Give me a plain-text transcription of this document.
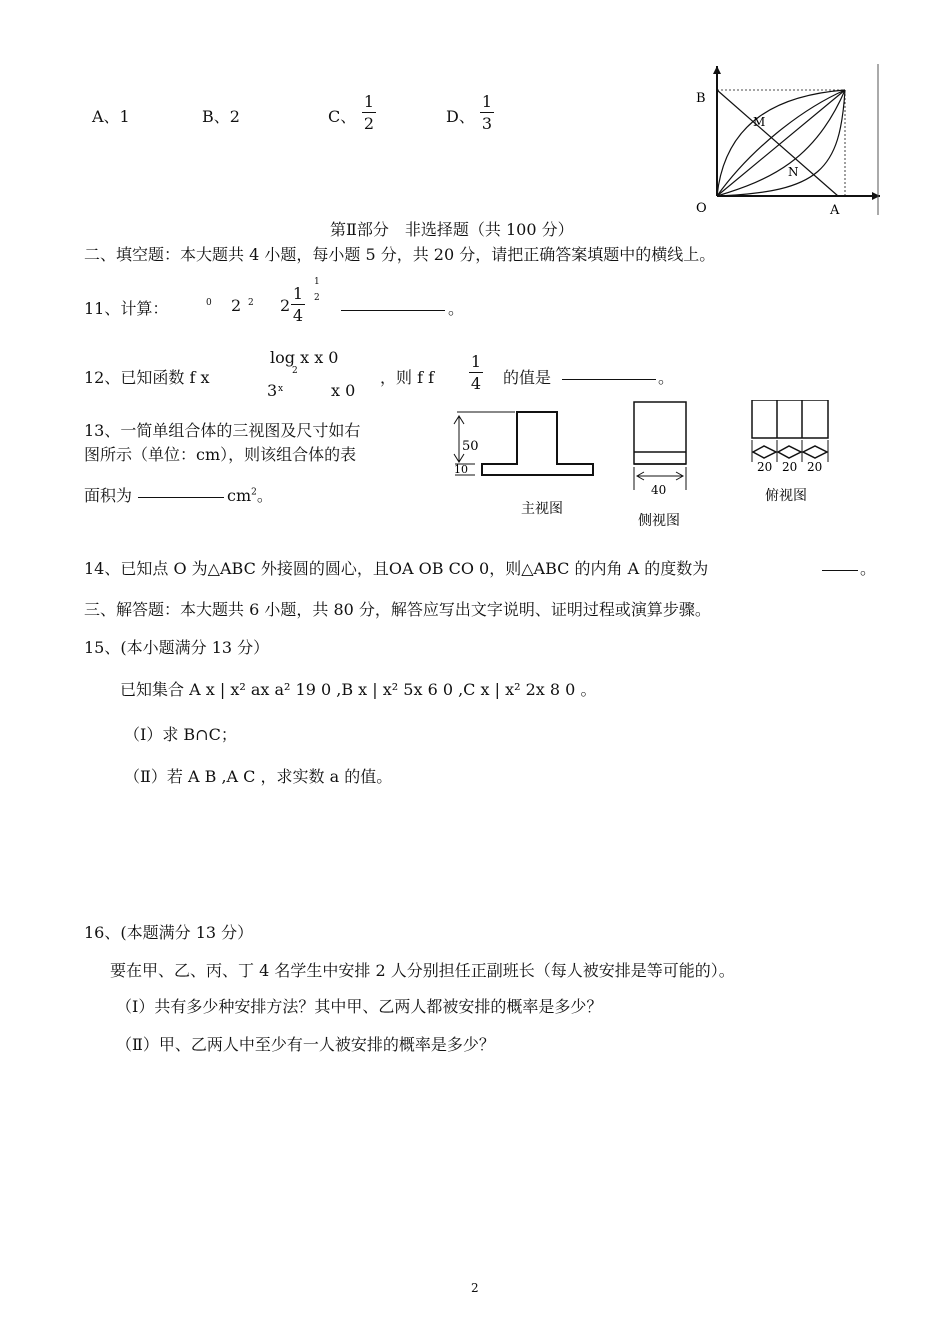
A、1	B、2	C、
1
2	D、
1
3
B
O	A
M
N
第Ⅱ部分　非选择题（共 100 分）
二、填空题：本大题共 4 小题，每小题 5 分，共 20 分，请把正确答案填题中的横线上。
11、计算：	0 2 2 2
1
4
1
2
。
12、已知函数 f x
log x x 0
2
3 x	x 0
，则 f f
1
4 的值是	。
13、一简单组合体的三视图及尺寸如右
图所示（单位：cm），则该组合体的表
面积为	$cm^2$。
50
10
40
20 20 20
主视图
侧视图
俯视图
14、已知点 O 为△ABC 外接圆的圆心，且OA OB CO 0，则△ABC 的内角 A 的度数为	。
三、解答题：本大题共 6 小题，共 80 分，解答应写出文字说明、证明过程或演算步骤。
15、(本小题满分 13 分）
已知集合 A x | x² ax a² 19 0 ,B x | x² 5x 6 0 ,C x | x² 2x 8 0 。
（Ⅰ）求 B∩C；
（Ⅱ）若 A B ,A C ，求实数 a 的值。
16、(本题满分 13 分）
要在甲、乙、丙、丁 4 名学生中安排 2 人分别担任正副班长（每人被安排是等可能的）。
（Ⅰ）共有多少种安排方法？其中甲、乙两人都被安排的概率是多少？
（Ⅱ）甲、乙两人中至少有一人被安排的概率是多少？
2
